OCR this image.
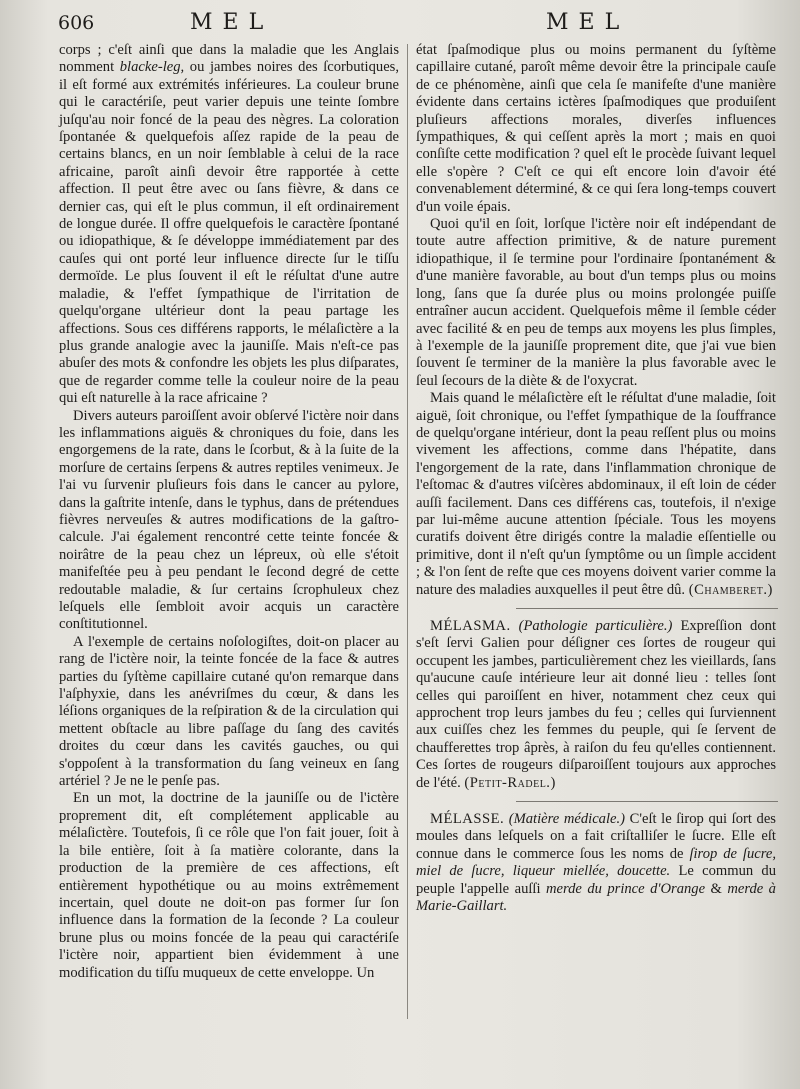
606	MEL	MEL

corps ; c'eſt ainſi que dans la maladie que les Anglais nomment blacke-leg, ou jambes noires des ſcorbutiques, il eſt formé aux extrémités inférieures. La couleur brune qui le caractériſe, peut varier depuis une teinte ſombre juſqu'au noir foncé de la peau des nègres. La coloration ſpontanée & quelquefois aſſez rapide de la peau de certains blancs, en un noir ſemblable à celui de la race africaine, paroît ainſi devoir être rapportée à cette affection. Il peut être avec ou ſans fièvre, & dans ce dernier cas, qui eſt le plus commun, il eſt ordinairement de longue durée. Il offre quelquefois le caractère ſpontané ou idiopathique, & ſe développe immédiatement par des cauſes qui ont porté leur influence directe ſur le tiſſu dermoïde. Le plus ſouvent il eſt le réſultat d'une autre maladie, & l'effet ſympathique de l'irritation de quelqu'organe ultérieur dont la peau partage les affections. Sous ces différens rapports, le mélaſictère a la plus grande analogie avec la jauniſſe. Mais n'eſt-ce pas abuſer des mots & confondre les objets les plus diſparates, que de regarder comme telle la couleur noire de la peau qui eſt naturelle à la race africaine ?

Divers auteurs paroiſſent avoir obſervé l'ictère noir dans les inflammations aiguës & chroniques du foie, dans les engorgemens de la rate, dans le ſcorbut, & à la ſuite de la morſure de certains ſerpens & autres reptiles venimeux. Je l'ai vu ſurvenir pluſieurs fois dans le cancer au pylore, dans la gaſtrite intenſe, dans le typhus, dans de prétendues fièvres nerveuſes & autres modifications de la gaſtro-calcule. J'ai également rencontré cette teinte foncée & noirâtre de la peau chez un lépreux, où elle s'étoit manifeſtée peu à peu pendant le ſecond degré de cette redoutable maladie, & ſur certains ſcrophuleux chez leſquels elle ſembloit avoir acquis un caractère conſtitutionnel.

A l'exemple de certains noſologiſtes, doit-on placer au rang de l'ictère noir, la teinte foncée de la face & autres parties du ſyſtème capillaire cutané qu'on remarque dans l'aſphyxie, dans les anévriſmes du cœur, & dans les léſions organiques de la reſpiration & de la circulation qui mettent obſtacle au libre paſſage du ſang des cavités droites du cœur dans les cavités gauches, ou qui s'oppoſent à la transformation du ſang veineux en ſang artériel ? Je ne le penſe pas.

En un mot, la doctrine de la jauniſſe ou de l'ictère proprement dit, eſt complétement applicable au mélaſictère. Toutefois, ſi ce rôle que l'on fait jouer, ſoit à la bile entière, ſoit à ſa matière colorante, dans la production de la première de ces affections, eſt entièrement hypothétique ou au moins extrêmement incertain, quel doute ne doit-on pas former ſur ſon influence dans la formation de la ſeconde ? La couleur brune plus ou moins foncée de la peau qui caractériſe l'ictère noir, appartient bien évidemment à une modification du tiſſu muqueux de cette enveloppe. Un

état ſpaſmodique plus ou moins permanent du ſyſtème capillaire cutané, paroît même devoir être la principale cauſe de ce phénomène, ainſi que cela ſe manifeſte d'une manière évidente dans certains ictères ſpaſmodiques que produiſent pluſieurs affections morales, diverſes influences ſympathiques, & qui ceſſent après la mort ; mais en quoi conſiſte cette modification ? quel eſt le procède ſuivant lequel elle s'opère ? C'eſt ce qui eſt encore loin d'avoir été convenablement déterminé, & ce qui ſera long-temps couvert d'un voile épais.

Quoi qu'il en ſoit, lorſque l'ictère noir eſt indépendant de toute autre affection primitive, & de nature purement idiopathique, il ſe termine pour l'ordinaire ſpontanément & d'une manière favorable, au bout d'un temps plus ou moins long, ſans que ſa durée plus ou moins prolongée puiſſe entraîner aucun accident. Quelquefois même il ſemble céder avec facilité & en peu de temps aux moyens les plus ſimples, à l'exemple de la jauniſſe proprement dite, que j'ai vue bien ſouvent ſe terminer de la manière la plus favorable avec le ſeul ſecours de la diète & de l'oxycrat.

Mais quand le mélaſictère eſt le réſultat d'une maladie, ſoit aiguë, ſoit chronique, ou l'effet ſympathique de la ſouffrance de quelqu'organe intérieur, dont la peau reſſent plus ou moins vivement les affections, comme dans l'hépatite, dans l'engorgement de la rate, dans l'inflammation chronique de l'eſtomac & d'autres viſcères abdominaux, il eſt loin de céder auſſi facilement. Dans ces différens cas, toutefois, il n'exige par lui-même aucune attention ſpéciale. Tous les moyens curatifs doivent être dirigés contre la maladie eſſentielle ou primitive, dont il n'eſt qu'un ſymptôme ou un ſimple accident ; & l'on ſent de reſte que ces moyens doivent varier comme la nature des maladies auxquelles il peut être dû. (Chamberet.)

MÉLASMA. (Pathologie particulière.) Expreſſion dont s'eſt ſervi Galien pour déſigner ces ſortes de rougeur qui occupent les jambes, particulièrement chez les vieillards, ſans qu'aucune cauſe intérieure leur ait donné lieu : telles ſont celles qui paroiſſent en hiver, notamment chez ceux qui approchent trop leurs jambes du feu ; celles qui ſurviennent aux cuiſſes chez les femmes du peuple, qui ſe ſervent de chaufferettes trop âprès, à raiſon du feu qu'elles contiennent. Ces ſortes de rougeurs diſparoiſſent toujours aux approches de l'été. (Petit-Radel.)

MÉLASSE. (Matière médicale.) C'eſt le ſirop qui ſort des moules dans leſquels on a fait criſtalliſer le ſucre. Elle eſt connue dans le commerce ſous les noms de ſirop de ſucre, miel de ſucre, liqueur miellée, doucette. Le commun du peuple l'appelle auſſi merde du prince d'Orange & merde à Marie-Gaillart.
